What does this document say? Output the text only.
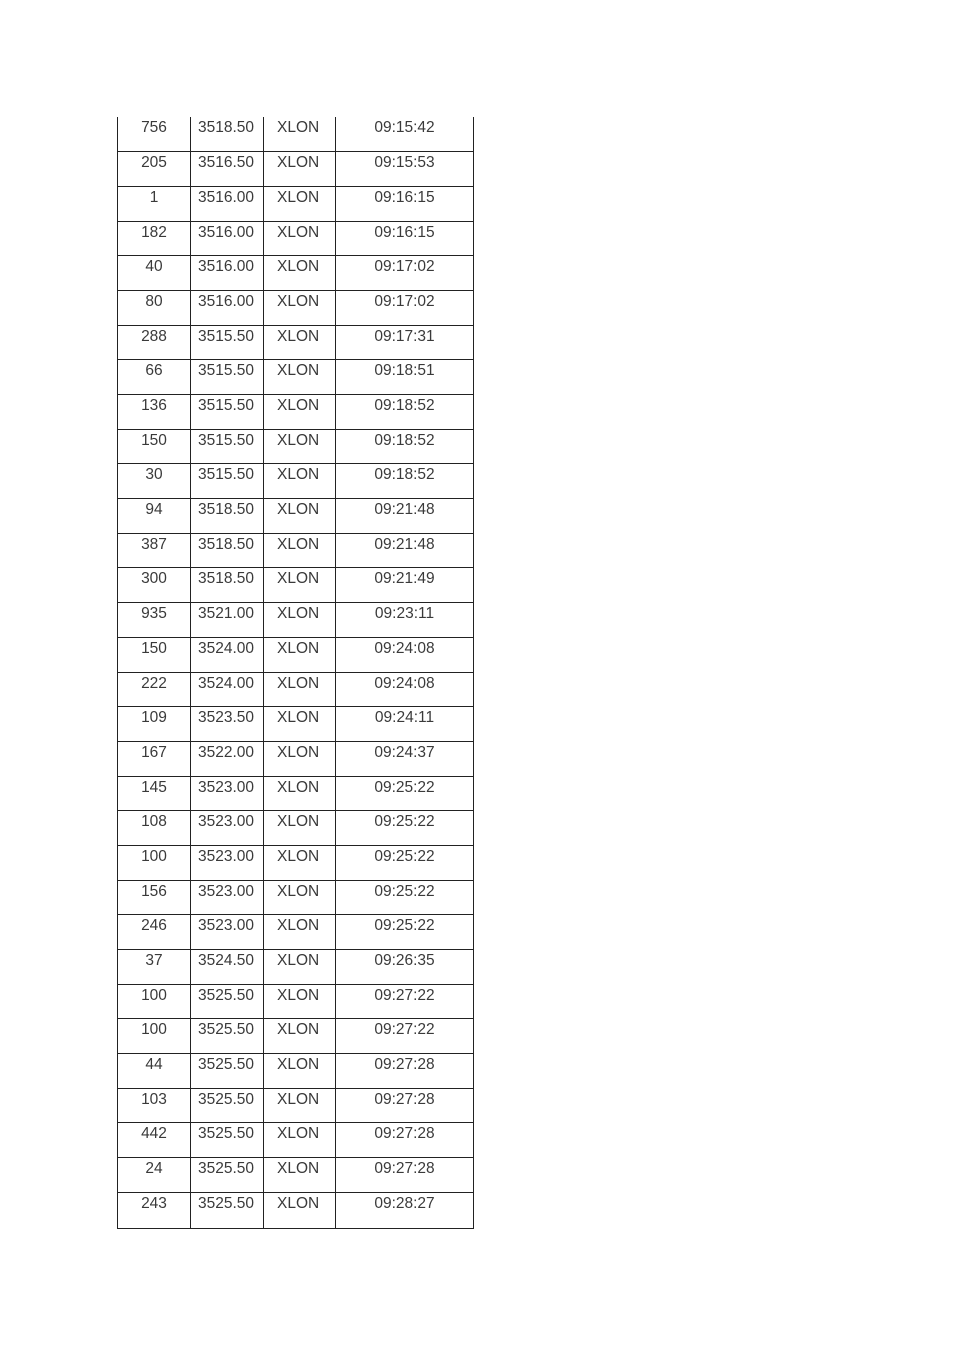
756	3518.50	XLON	09:15:42
205	3516.50	XLON	09:15:53
1	3516.00	XLON	09:16:15
182	3516.00	XLON	09:16:15
40	3516.00	XLON	09:17:02
80	3516.00	XLON	09:17:02
288	3515.50	XLON	09:17:31
66	3515.50	XLON	09:18:51
136	3515.50	XLON	09:18:52
150	3515.50	XLON	09:18:52
30	3515.50	XLON	09:18:52
94	3518.50	XLON	09:21:48
387	3518.50	XLON	09:21:48
300	3518.50	XLON	09:21:49
935	3521.00	XLON	09:23:11
150	3524.00	XLON	09:24:08
222	3524.00	XLON	09:24:08
109	3523.50	XLON	09:24:11
167	3522.00	XLON	09:24:37
145	3523.00	XLON	09:25:22
108	3523.00	XLON	09:25:22
100	3523.00	XLON	09:25:22
156	3523.00	XLON	09:25:22
246	3523.00	XLON	09:25:22
37	3524.50	XLON	09:26:35
100	3525.50	XLON	09:27:22
100	3525.50	XLON	09:27:22
44	3525.50	XLON	09:27:28
103	3525.50	XLON	09:27:28
442	3525.50	XLON	09:27:28
24	3525.50	XLON	09:27:28
243	3525.50	XLON	09:28:27
